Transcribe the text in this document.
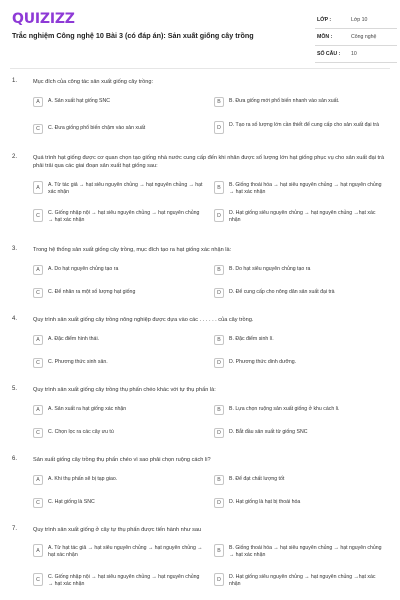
QUIZIZZ
Trắc nghiệm Công nghệ 10 Bài 3 (có đáp án): Sản xuất giống cây trồng
LỚP :	Lớp 10
MÔN :	Công nghệ
SỐ CÂU :	10
1.	Mục đích của công tác sản xuất giống cây trồng:
A	A. Sản xuất hạt giống SNC	B	B. Đưa giống mới phổ biến nhanh vào sản xuất.
C	C. Đưa giống phổ biến chậm vào sản xuất	D	D. Tạo ra số lượng lớn cần thiết để cung cấp cho sản xuất đại trà
2.	Quá trình hạt giống được cơ quan chọn tạo giống nhà nước cung cấp đến khi nhân được số lượng lớn hạt giống phục vụ cho sản xuất đại trà phải trải qua các giai đoạn sản xuất hạt giống sau:
A	A. Từ tác giả → hạt siêu nguyên chủng → hạt nguyên chủng → hạt xác nhận
B	B. Giống thoái hóa → hạt siêu nguyên chủng → hạt nguyên chủng → hạt xác nhận
C	C. Giống nhập nội → hạt siêu nguyên chủng → hạt nguyên chủng → hạt xác nhận
D	D. Hạt giống siêu nguyên chủng → hạt nguyên chủng →hạt xác nhận
3.	Trong hệ thống sản xuất giống cây trồng, mục đích tạo ra hạt giống xác nhận là:
A	A. Do hạt nguyên chủng tạo ra	B	B. Do hạt siêu nguyên chủng tạo ra
C	C. Để nhân ra một số lượng hạt giống	D	D. Để cung cấp cho nông dân sản xuất đại trà
4.	Quy trình sản xuất giống cây trồng nông nghiệp được dựa vào các . . . . . . của cây trồng.
A	A. Đặc điểm hình thái.	B	B. Đặc điểm sinh lí.
C	C. Phương thức sinh sản.	D	D. Phương thức dinh dưỡng.
5.	Quy trình sản xuất giống cây trồng thụ phấn chéo khác với tự thụ phấn là:
A	A. Sản xuất ra hạt giống xác nhận	B	B. Lựa chọn ruộng sản xuất giống ở khu cách li.
C	C. Chọn lọc ra các cây ưu tú	D	D. Bắt đầu sản xuất từ giống SNC
6.	Sản xuất giống cây trồng thụ phấn chéo vì sao phải chọn ruộng cách li?
A	A. Khi thụ phấn sẽ bị tạp giao.	B	B. Để đạt chất lượng tốt
C	C. Hạt giống là SNC	D	D. Hạt giống là hạt bị thoái hóa
7.	Quy trình sản xuất giống ở cây tự thụ phấn được tiến hành như sau
A	A. Từ hạt tác giả → hạt siêu nguyên chủng → hạt nguyên chủng → hạt xác nhận
B	B. Giống thoái hóa → hạt siêu nguyên chủng → hạt nguyên chủng → hạt xác nhận
C	C. Giống nhập nội → hạt siêu nguyên chủng → hạt nguyên chủng → hạt xác nhận
D	D. Hạt giống siêu nguyên chủng → hạt nguyên chủng →hạt xác nhận
